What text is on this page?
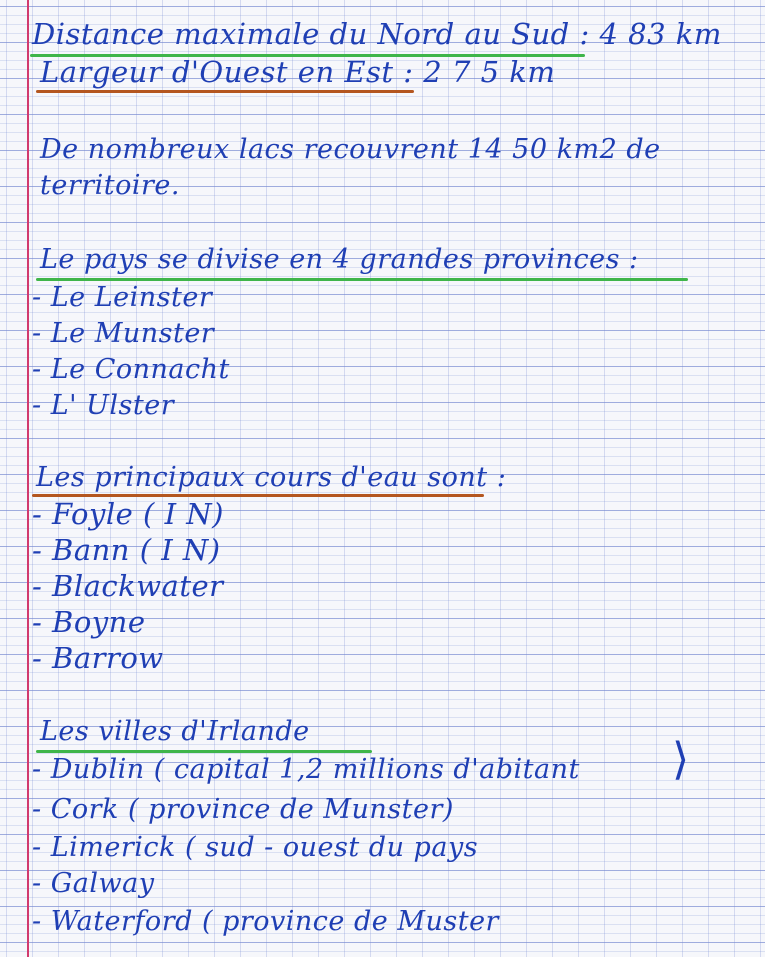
Distance maximale du Nord au Sud : 4 83 km
Largeur d'Ouest en Est : 2 7 5 km
De nombreux lacs recouvrent 14 50 km2 de
territoire.
Le pays se divise en 4 grandes provinces :
- Le Leinster
- Le Munster
- Le Connacht
- L' Ulster
Les principaux cours d'eau sont :
- Foyle ( I N)
- Bann ( I N)
- Blackwater
- Boyne
- Barrow
Les villes d'Irlande
- Dublin ( capital 1,2 millions d'abitant ⟩
- Cork ( province de Munster)
- Limerick ( sud - ouest du pays
- Galway
- Waterford ( province de Muster
